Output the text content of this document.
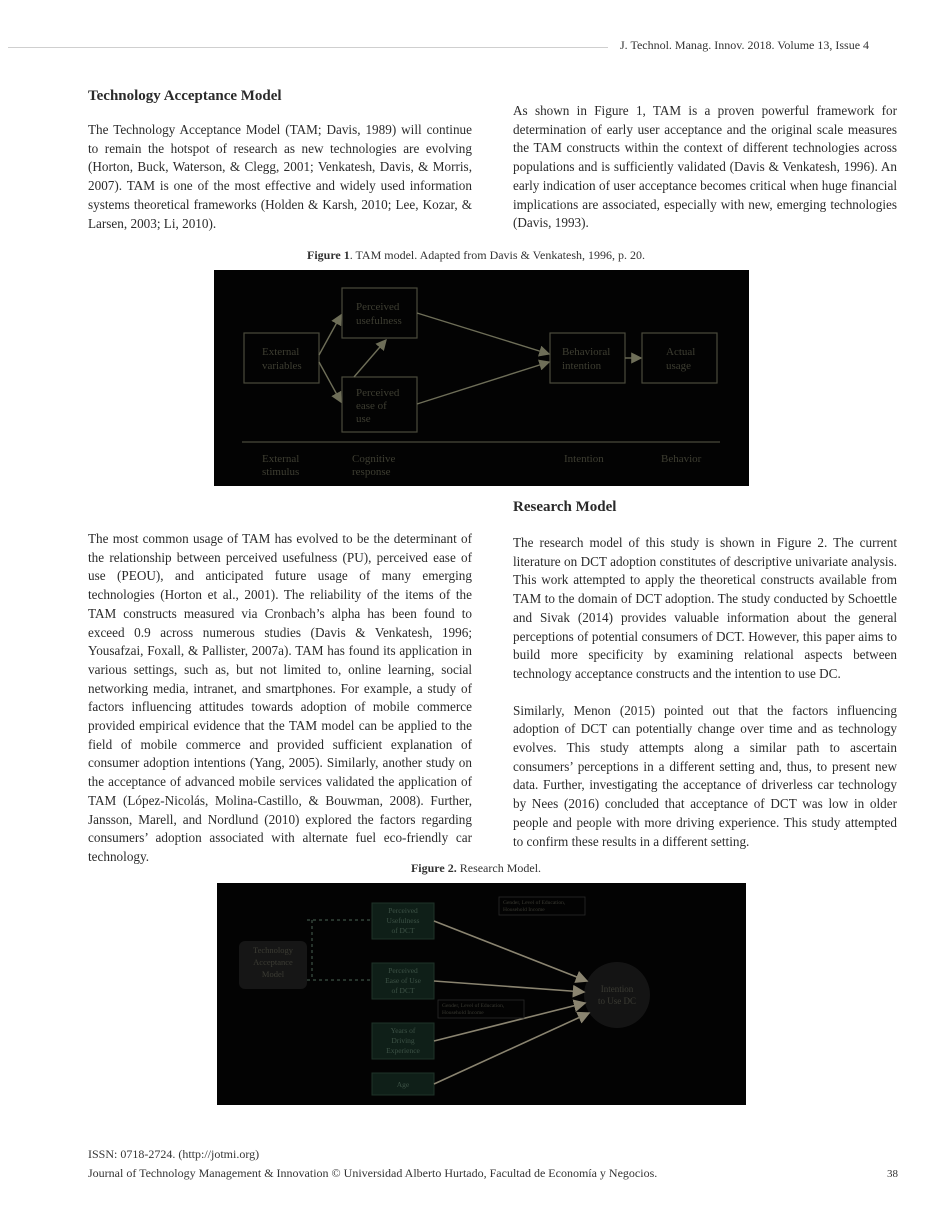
J. Technol. Manag. Innov. 2018. Volume 13, Issue 4
Technology Acceptance Model

The Technology Acceptance Model (TAM; Davis, 1989) will continue to remain the hotspot of research as new technologies are evolving (Horton, Buck, Waterson, & Clegg, 2001; Venkatesh, Davis, & Morris, 2007). TAM is one of the most effective and widely used information systems theoretical frameworks (Holden & Karsh, 2010; Lee, Kozar, & Larsen, 2003; Li, 2010).

As shown in Figure 1, TAM is a proven powerful framework for determination of early user acceptance and the original scale measures the TAM constructs within the context of different technologies across populations and is sufficiently validated (Davis & Venkatesh, 1996). An early indication of user acceptance becomes critical when huge financial implications are associated, especially with new, emerging technologies (Davis, 1993).

Figure 1. TAM model. Adapted from Davis & Venkatesh, 1996, p. 20.
External
variables
Perceived
usefulness
Perceived
ease of
use
Behavioral
intention
Actual
usage
External
stimulus
Cognitive
response
Intention	Behavior
Research Model

The most common usage of TAM has evolved to be the determinant of the relationship between perceived usefulness (PU), perceived ease of use (PEOU), and anticipated future usage of many emerging technologies (Horton et al., 2001). The reliability of the items of the TAM constructs measured via Cronbach’s alpha has been found to exceed 0.9 across numerous studies (Davis & Venkatesh, 1996; Yousafzai, Foxall, & Pallister, 2007a). TAM has found its application in various settings, such as, but not limited to, online learning, social networking media, intranet, and smartphones. For example, a study of factors influencing attitudes towards adoption of mobile commerce provided empirical evidence that the TAM model can be applied to the field of mobile commerce and provided sufficient explanation of consumer adoption intentions (Yang, 2005). Similarly, another study on the acceptance of advanced mobile services validated the application of TAM (López-Nicolás, Molina-Castillo, & Bouwman, 2008). Further, Jansson, Marell, and Nordlund (2010) explored the factors regarding consumers’ adoption associated with alternate fuel eco-friendly car technology.

The research model of this study is shown in Figure 2. The current literature on DCT adoption constitutes of descriptive univariate analysis. This work attempted to apply the theoretical constructs available from TAM to the domain of DCT adoption. The study conducted by Schoettle and Sivak (2014) provides valuable information about the general perceptions of potential consumers of DCT. However, this paper aims to build more specificity by examining relational aspects between technology acceptance constructs and the intention to use DC.

Similarly, Menon (2015) pointed out that the factors influencing adoption of DCT can potentially change over time and as technology evolves. This study attempts along a similar path to ascertain consumers’ perceptions in a different setting and, thus, to present new data. Further, investigating the acceptance of driverless car technology by Nees (2016) concluded that acceptance of DCT was low in older people and people with more driving experience. This study attempted to confirm these results in a different setting.

Figure 2. Research Model.
Gender, Level of Education,
Household Income
Gender, Level of Education,
Household Income
Technology
Acceptance
Model
Perceived
Usefulness
of DCT
Perceived
Ease of Use
of DCT
Years of
Driving
Experience
Age
Intention
to Use DC
ISSN: 0718-2724. (http://jotmi.org)
Journal of Technology Management & Innovation © Universidad Alberto Hurtado, Facultad de Economía y Negocios.	38
